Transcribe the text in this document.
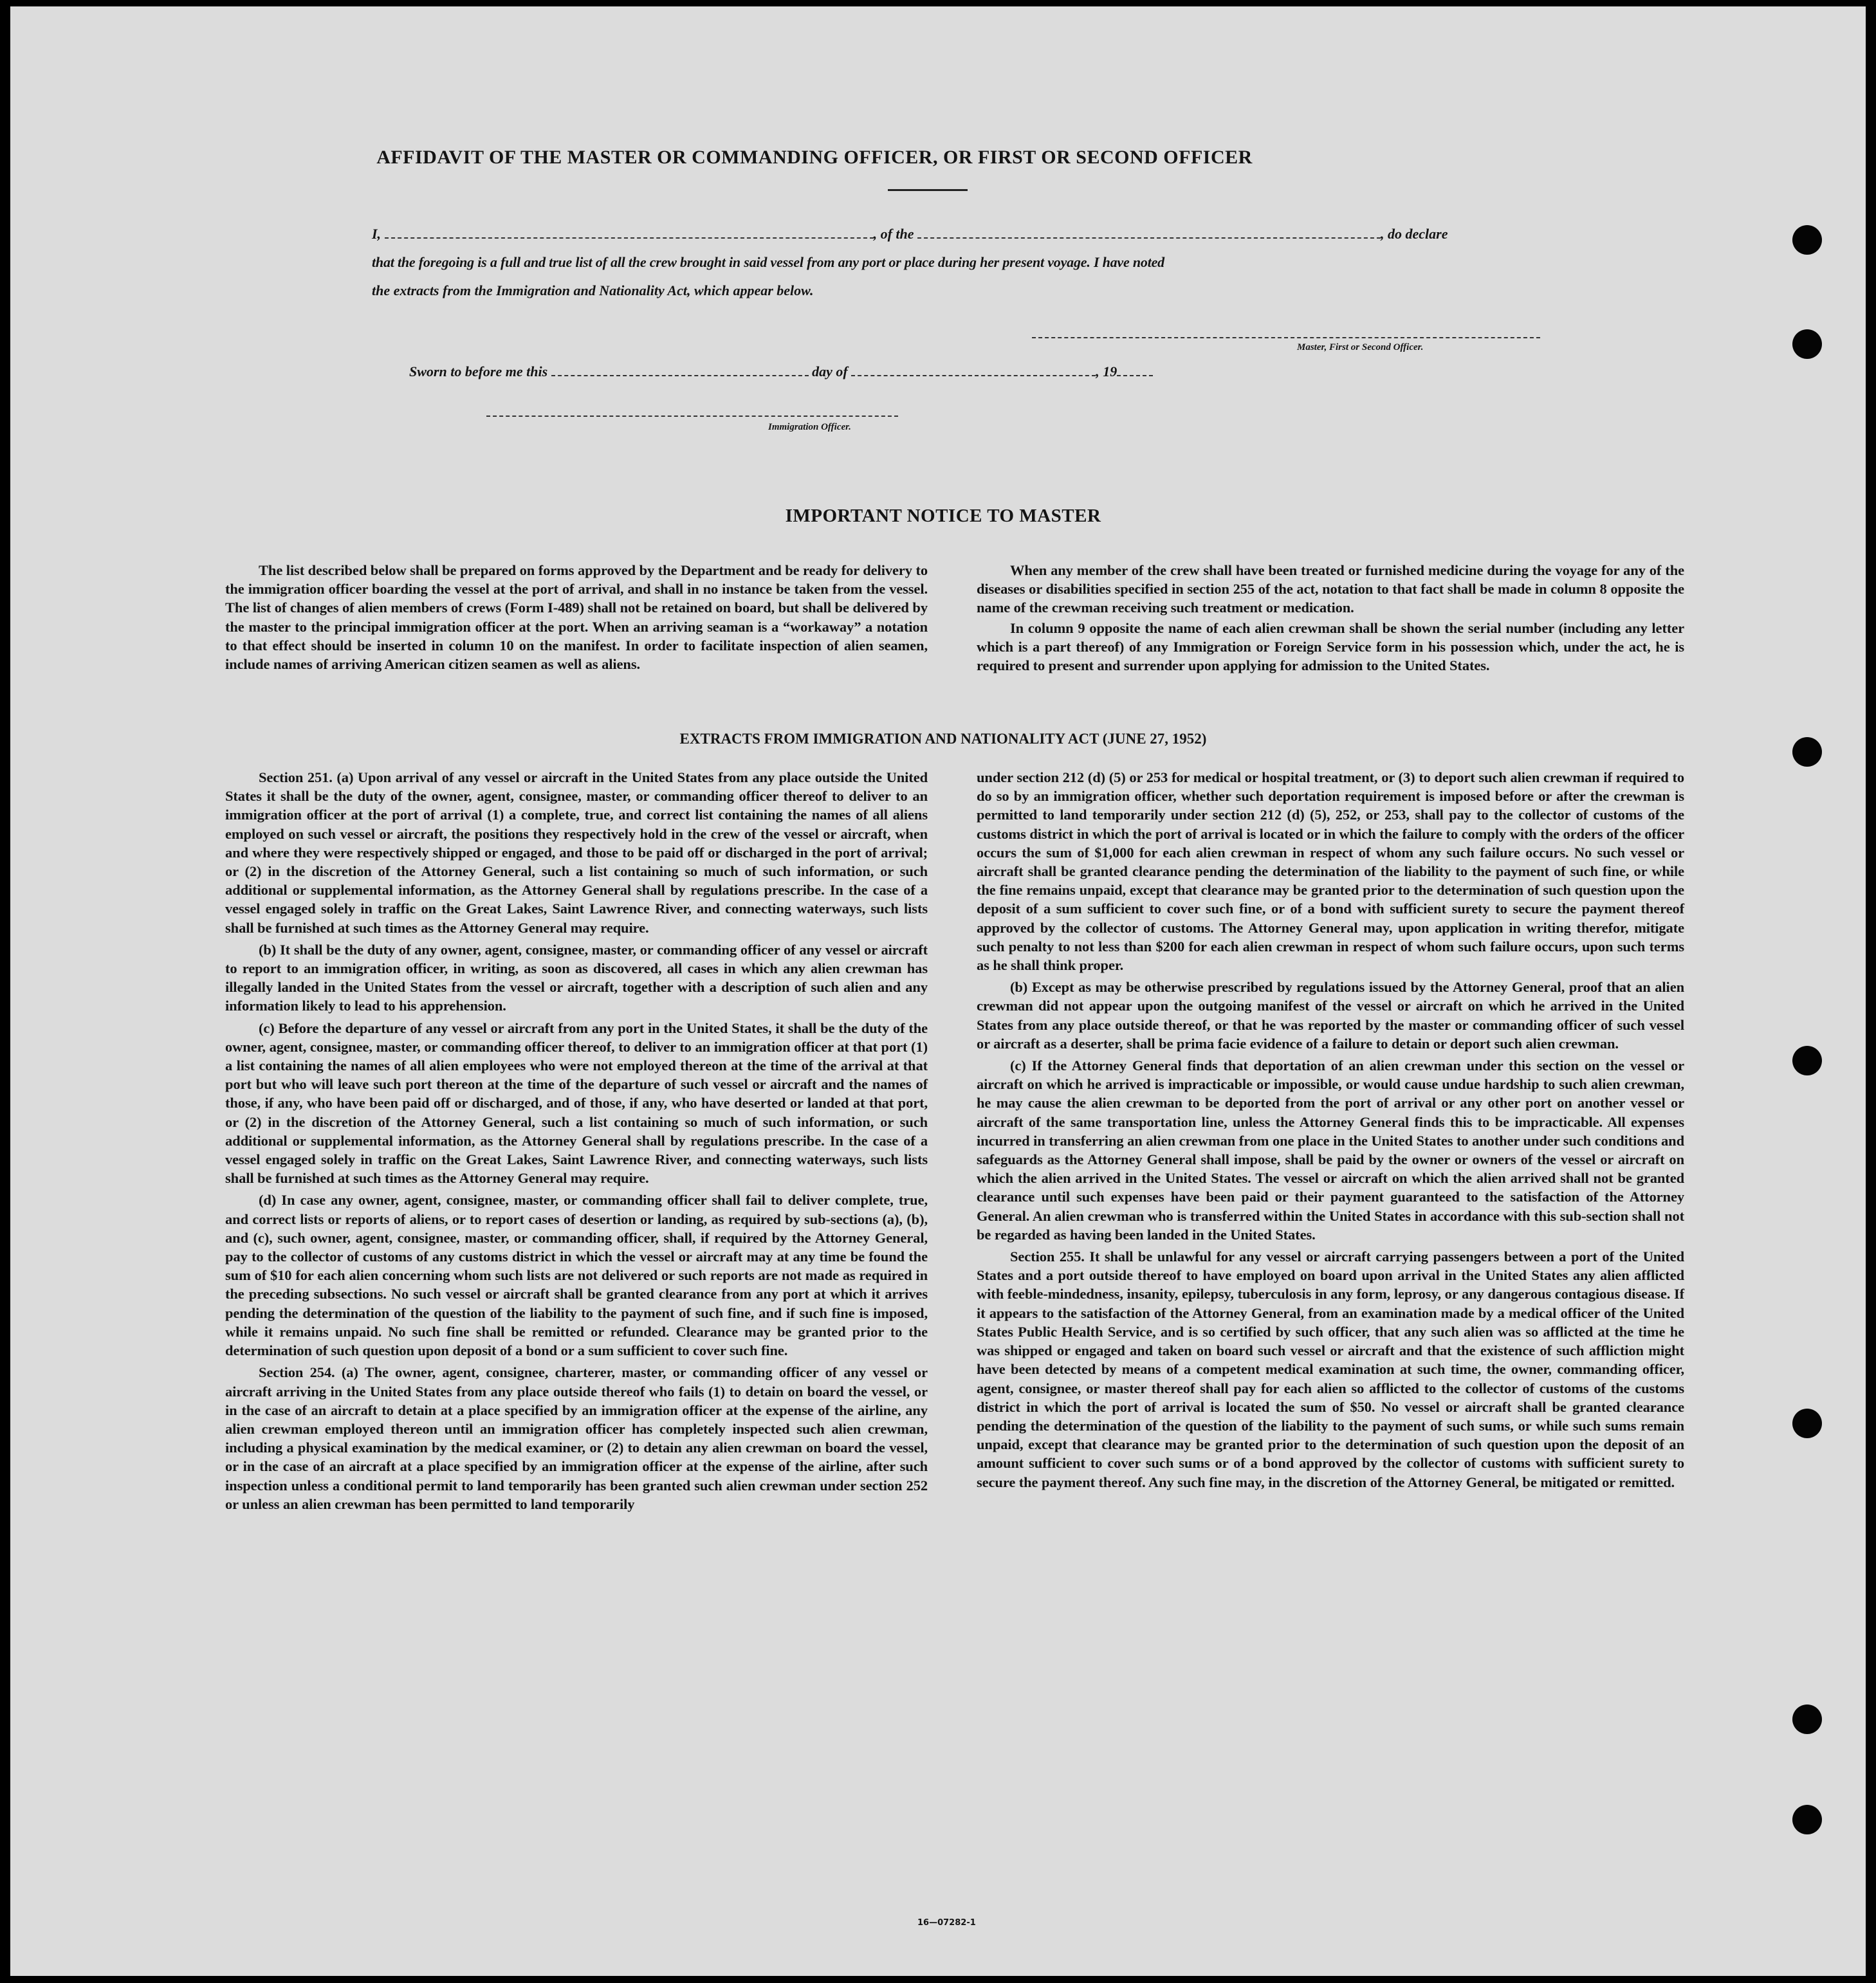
AFFIDAVIT OF THE MASTER OR COMMANDING OFFICER, OR FIRST OR SECOND OFFICER
I,	, of the	, do declare
that the foregoing is a full and true list of all the crew brought in said vessel from any port or place during her present voyage. I have noted
the extracts from the Immigration and Nationality Act, which appear below.
Master, First or Second Officer.
Sworn to before me this	day of	, 19
Immigration Officer.
IMPORTANT NOTICE TO MASTER

The list described below shall be prepared on forms approved by the Department and be ready for delivery to the immigration officer boarding the vessel at the port of arrival, and shall in no instance be taken from the vessel. The list of changes of alien members of crews (Form I-489) shall not be retained on board, but shall be delivered by the master to the principal immigration officer at the port. When an arriving seaman is a “workaway” a notation to that effect should be inserted in column 10 on the manifest. In order to facilitate inspection of alien seamen, include names of arriving American citizen seamen as well as aliens.

When any member of the crew shall have been treated or furnished medicine during the voyage for any of the diseases or disabilities specified in section 255 of the act, notation to that fact shall be made in column 8 opposite the name of the crewman receiving such treatment or medication.

In column 9 opposite the name of each alien crewman shall be shown the serial number (including any letter which is a part thereof) of any Immigration or Foreign Service form in his possession which, under the act, he is required to present and surrender upon applying for admission to the United States.

EXTRACTS FROM IMMIGRATION AND NATIONALITY ACT (JUNE 27, 1952)

Section 251. (a) Upon arrival of any vessel or aircraft in the United States from any place outside the United States it shall be the duty of the owner, agent, consignee, master, or commanding officer thereof to deliver to an immigration officer at the port of arrival (1) a complete, true, and correct list containing the names of all aliens employed on such vessel or aircraft, the positions they respectively hold in the crew of the vessel or aircraft, when and where they were respectively shipped or engaged, and those to be paid off or discharged in the port of arrival; or (2) in the discretion of the Attorney General, such a list containing so much of such information, or such additional or supplemental information, as the Attorney General shall by regulations prescribe. In the case of a vessel engaged solely in traffic on the Great Lakes, Saint Lawrence River, and connecting waterways, such lists shall be furnished at such times as the Attorney General may require.

(b) It shall be the duty of any owner, agent, consignee, master, or commanding officer of any vessel or aircraft to report to an immigration officer, in writing, as soon as discovered, all cases in which any alien crewman has illegally landed in the United States from the vessel or aircraft, together with a description of such alien and any information likely to lead to his apprehension.

(c) Before the departure of any vessel or aircraft from any port in the United States, it shall be the duty of the owner, agent, consignee, master, or commanding officer thereof, to deliver to an immigration officer at that port (1) a list containing the names of all alien employees who were not employed thereon at the time of the arrival at that port but who will leave such port thereon at the time of the departure of such vessel or aircraft and the names of those, if any, who have been paid off or discharged, and of those, if any, who have deserted or landed at that port, or (2) in the discretion of the Attorney General, such a list containing so much of such information, or such additional or supplemental information, as the Attorney General shall by regulations prescribe. In the case of a vessel engaged solely in traffic on the Great Lakes, Saint Lawrence River, and connecting waterways, such lists shall be furnished at such times as the Attorney General may require.

(d) In case any owner, agent, consignee, master, or commanding officer shall fail to deliver complete, true, and correct lists or reports of aliens, or to report cases of desertion or landing, as required by sub-sections (a), (b), and (c), such owner, agent, consignee, master, or commanding officer, shall, if required by the Attorney General, pay to the collector of customs of any customs district in which the vessel or aircraft may at any time be found the sum of $10 for each alien concerning whom such lists are not delivered or such reports are not made as required in the preceding subsections. No such vessel or aircraft shall be granted clearance from any port at which it arrives pending the determination of the question of the liability to the payment of such fine, and if such fine is imposed, while it remains unpaid. No such fine shall be remitted or refunded. Clearance may be granted prior to the determination of such question upon deposit of a bond or a sum sufficient to cover such fine.

Section 254. (a) The owner, agent, consignee, charterer, master, or commanding officer of any vessel or aircraft arriving in the United States from any place outside thereof who fails (1) to detain on board the vessel, or in the case of an aircraft to detain at a place specified by an immigration officer at the expense of the airline, any alien crewman employed thereon until an immigration officer has completely inspected such alien crewman, including a physical examination by the medical examiner, or (2) to detain any alien crewman on board the vessel, or in the case of an aircraft at a place specified by an immigration officer at the expense of the airline, after such inspection unless a conditional permit to land temporarily has been granted such alien crewman under section 252 or unless an alien crewman has been permitted to land temporarily

under section 212 (d) (5) or 253 for medical or hospital treatment, or (3) to deport such alien crewman if required to do so by an immigration officer, whether such deportation requirement is imposed before or after the crewman is permitted to land temporarily under section 212 (d) (5), 252, or 253, shall pay to the collector of customs of the customs district in which the port of arrival is located or in which the failure to comply with the orders of the officer occurs the sum of $1,000 for each alien crewman in respect of whom any such failure occurs. No such vessel or aircraft shall be granted clearance pending the determination of the liability to the payment of such fine, or while the fine remains unpaid, except that clearance may be granted prior to the determination of such question upon the deposit of a sum sufficient to cover such fine, or of a bond with sufficient surety to secure the payment thereof approved by the collector of customs. The Attorney General may, upon application in writing therefor, mitigate such penalty to not less than $200 for each alien crewman in respect of whom such failure occurs, upon such terms as he shall think proper.

(b) Except as may be otherwise prescribed by regulations issued by the Attorney General, proof that an alien crewman did not appear upon the outgoing manifest of the vessel or aircraft on which he arrived in the United States from any place outside thereof, or that he was reported by the master or commanding officer of such vessel or aircraft as a deserter, shall be prima facie evidence of a failure to detain or deport such alien crewman.

(c) If the Attorney General finds that deportation of an alien crewman under this section on the vessel or aircraft on which he arrived is impracticable or impossible, or would cause undue hardship to such alien crewman, he may cause the alien crewman to be deported from the port of arrival or any other port on another vessel or aircraft of the same transportation line, unless the Attorney General finds this to be impracticable. All expenses incurred in transferring an alien crewman from one place in the United States to another under such conditions and safeguards as the Attorney General shall impose, shall be paid by the owner or owners of the vessel or aircraft on which the alien arrived in the United States. The vessel or aircraft on which the alien arrived shall not be granted clearance until such expenses have been paid or their payment guaranteed to the satisfaction of the Attorney General. An alien crewman who is transferred within the United States in accordance with this sub-section shall not be regarded as having been landed in the United States.

Section 255. It shall be unlawful for any vessel or aircraft carrying passengers between a port of the United States and a port outside thereof to have employed on board upon arrival in the United States any alien afflicted with feeble-mindedness, insanity, epilepsy, tuberculosis in any form, leprosy, or any dangerous contagious disease. If it appears to the satisfaction of the Attorney General, from an examination made by a medical officer of the United States Public Health Service, and is so certified by such officer, that any such alien was so afflicted at the time he was shipped or engaged and taken on board such vessel or aircraft and that the existence of such affliction might have been detected by means of a competent medical examination at such time, the owner, commanding officer, agent, consignee, or master thereof shall pay for each alien so afflicted to the collector of customs of the customs district in which the port of arrival is located the sum of $50. No vessel or aircraft shall be granted clearance pending the determination of the question of the liability to the payment of such sums, or while such sums remain unpaid, except that clearance may be granted prior to the determination of such question upon the deposit of an amount sufficient to cover such sums or of a bond approved by the collector of customs with sufficient surety to secure the payment thereof. Any such fine may, in the discretion of the Attorney General, be mitigated or remitted.

16—07282-1
